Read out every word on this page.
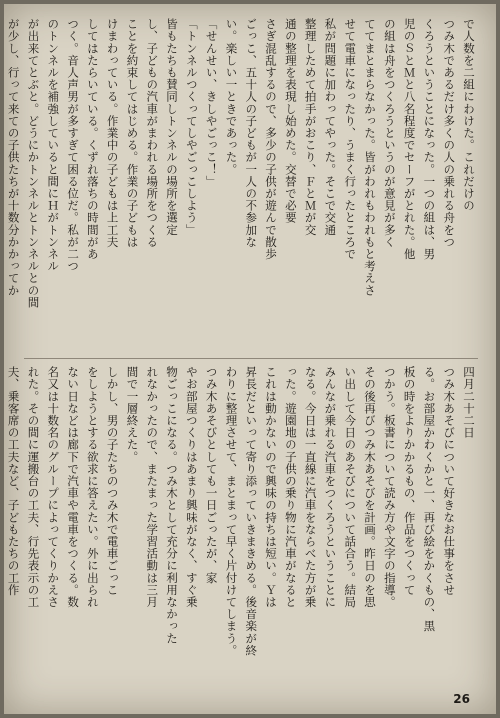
で人数を二組にわけた。これだけの
つみ木であるだけ多くの人の乗れる舟をつ
くろうということになった。一つの組は、男
児のＳとＭと八名程度でセーフがとれた。他
の組は舟をつくろうというのが意見が多く
ててまとまらなかった。皆がわれもわれもと考えさ
せて電車になったり、うまく行ったところで
私が問題に加わってやった。そこで交通
整理しためて拍手がおこり、ＦとＭが交
通の整理を表現し始めた。交替で必要
さぎ混乱するので、多少の子供が遊んで散歩
ごっこ、五十人の子どもが一人の不参加な
い。楽しい一ときであった。
「せんせい、きしやごっこ！」
「トンネルつくってしやごっこしよう」
皆もたちも賛同しトンネルの場所を選定
し、子どもの汽車がまわれる場所をつくる
ことを約束してはじめる。作業の子どもは
けまわっている。作業中の子どもは上工夫
してはたらいている。くずれ落ちの時間があ
つく。音人声男が多すぎて困る位だ。私が二つ
のトンネルを補強していると間にＨがトンネル
が出来てとぶと。どうにかトンネルとトンネルとの間
が少し、行って来ての子供たちが十数分かかってか
四月二十二日
つみ木あそびについて好きなお仕事をさせ
る。お部屋かわくかと一、再び絵をかくもの、黒
板の時をよりかかるもの、作品をつくって
つかう。板書について読み方や文字の指導。
その後再びつみ木あそびを計画。昨日のを思
い出して今日のあそびについて話合う。結局
みんなが乗れる汽車をつくろうということに
なる。今日は一直線に汽車をならべた方が乗
った。遊園地の子供の乗り物に汽車がなると
これは動かないので興味の持ちは短い。Ｙは
昇長だといって寄り添っていきまきめる。後音楽が終
わりに整理させて、まとまって早く片付けてしまう。
つみ木あそびとしても一日ごったが、家
やお部屋つくりはあまり興味がなく、すぐ乗
物ごっこになる。つみ木として充分に利用なかった
れなかったので、またまった学習活動は三月
間で一層終えた。
しかし、男の子たちのつみ木で電車ごっこ
をしようとする欲求に答えたい。外に出られ
ない日などは廊下で汽車や電車をつくる。数
名又は十数名のグループによってくりかえさ
れた。その間に運搬台の工夫、行先表示の工
夫、乗客席の工夫など、子どもたちの工作
26
